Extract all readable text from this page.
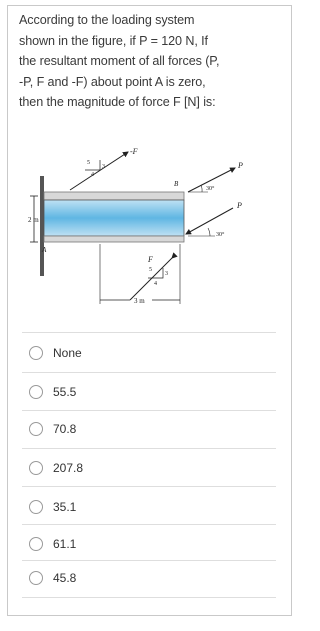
According to the loading system
shown in the figure, if P = 120 N, If
the resultant moment of all forces (P,
-P, F and -F) about point A is zero,
then the magnitude of force F [N] is:
2 m
A
5
3
4
-F
B
30°
P
30°
P
5
3
4
F
3 m
None
55.5
70.8
207.8
35.1
61.1
45.8
